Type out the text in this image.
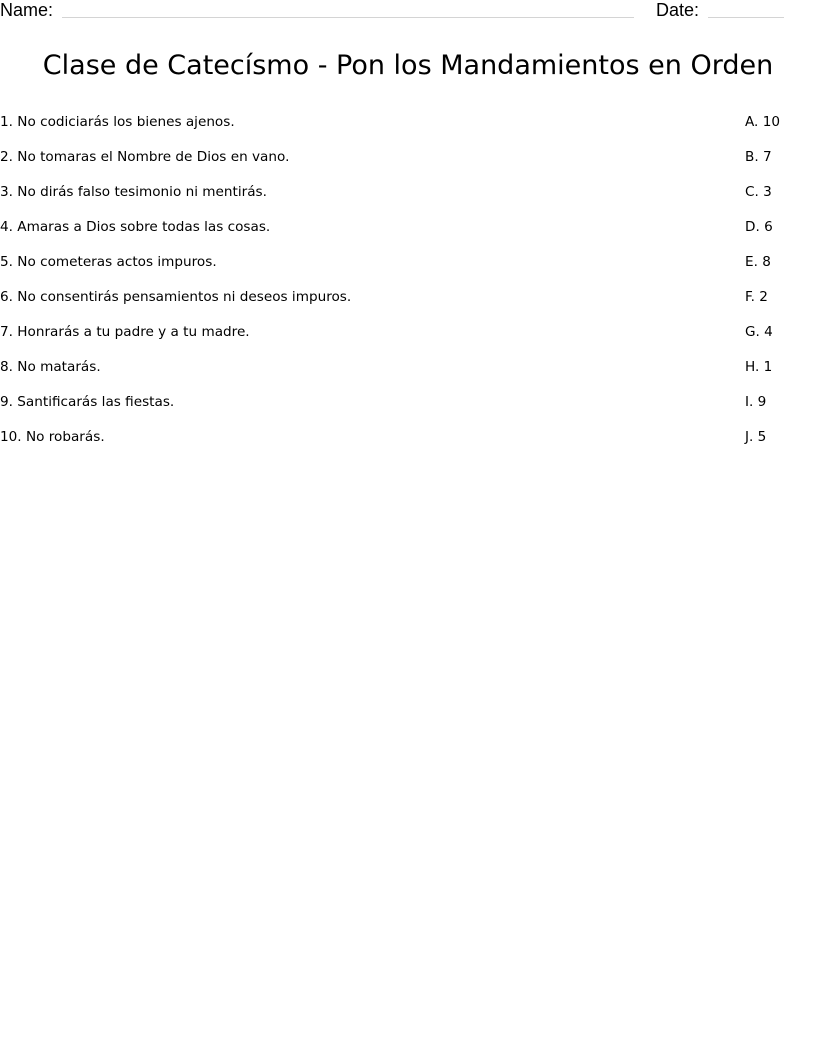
Name:	Date:
Clase de Catecísmo - Pon los Mandamientos en Orden
1. No codiciarás los bienes ajenos.	A. 10
2. No tomaras el Nombre de Dios en vano.	B. 7
3. No dirás falso tesimonio ni mentirás.	C. 3
4. Amaras a Dios sobre todas las cosas.	D. 6
5. No cometeras actos impuros.	E. 8
6. No consentirás pensamientos ni deseos impuros.	F. 2
7. Honrarás a tu padre y a tu madre.	G. 4
8. No matarás.	H. 1
9. Santificarás las fiestas.	I. 9
10. No robarás.	J. 5
